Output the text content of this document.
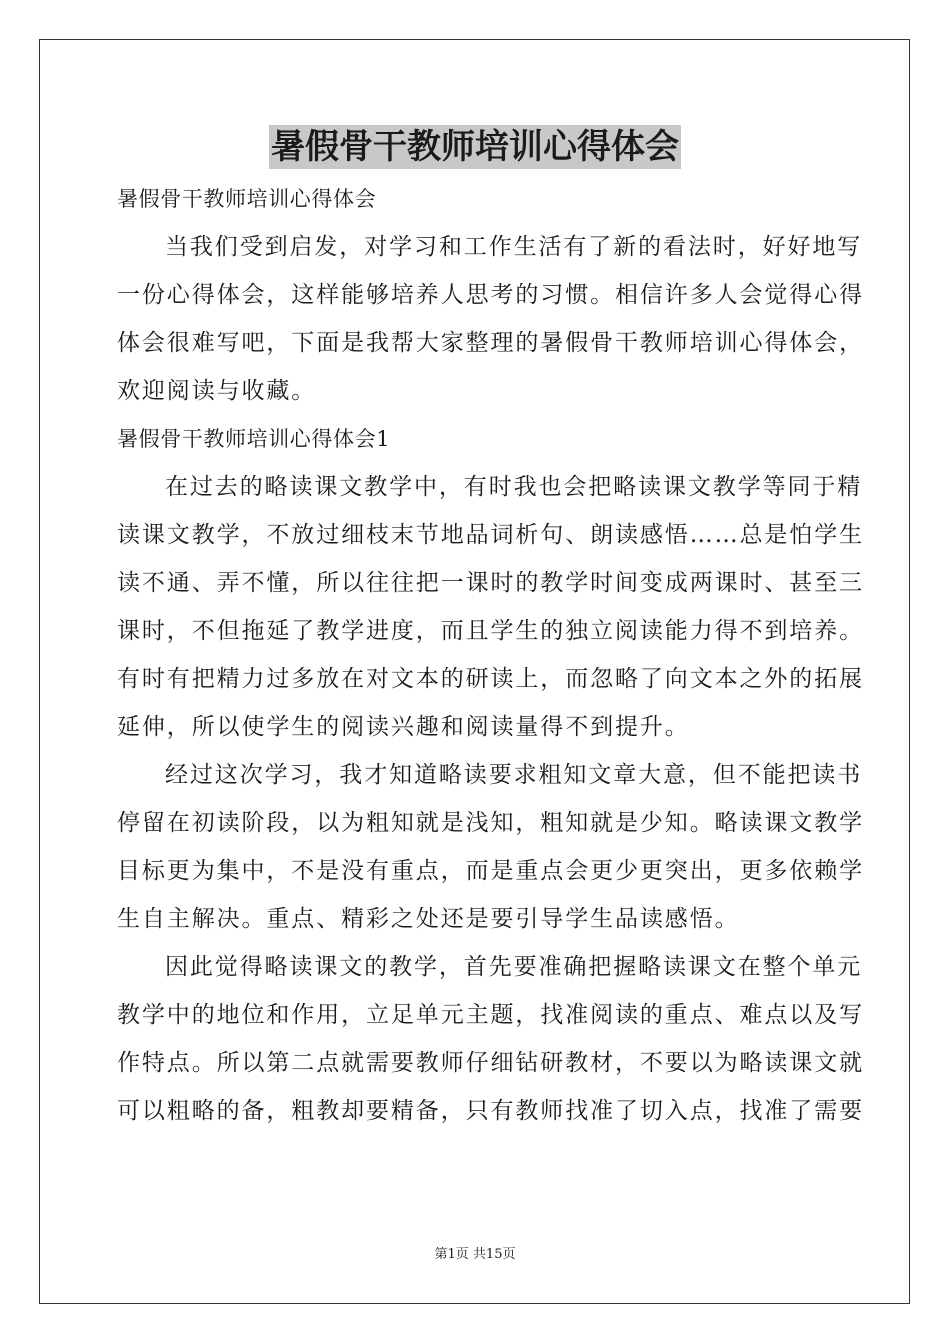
暑假骨干教师培训心得体会
暑假骨干教师培训心得体会
当我们受到启发，对学习和工作生活有了新的看法时，好好地写
一份心得体会，这样能够培养人思考的习惯。相信许多人会觉得心得
体会很难写吧，下面是我帮大家整理的暑假骨干教师培训心得体会，
欢迎阅读与收藏。
暑假骨干教师培训心得体会1
在过去的略读课文教学中，有时我也会把略读课文教学等同于精
读课文教学，不放过细枝末节地品词析句、朗读感悟……总是怕学生
读不通、弄不懂，所以往往把一课时的教学时间变成两课时、甚至三
课时，不但拖延了教学进度，而且学生的独立阅读能力得不到培养。
有时有把精力过多放在对文本的研读上，而忽略了向文本之外的拓展
延伸，所以使学生的阅读兴趣和阅读量得不到提升。
经过这次学习，我才知道略读要求粗知文章大意，但不能把读书
停留在初读阶段，以为粗知就是浅知，粗知就是少知。略读课文教学
目标更为集中，不是没有重点，而是重点会更少更突出，更多依赖学
生自主解决。重点、精彩之处还是要引导学生品读感悟。
因此觉得略读课文的教学，首先要准确把握略读课文在整个单元
教学中的地位和作用，立足单元主题，找准阅读的重点、难点以及写
作特点。所以第二点就需要教师仔细钻研教材，不要以为略读课文就
可以粗略的备，粗教却要精备，只有教师找准了切入点，找准了需要
第1页 共15页
